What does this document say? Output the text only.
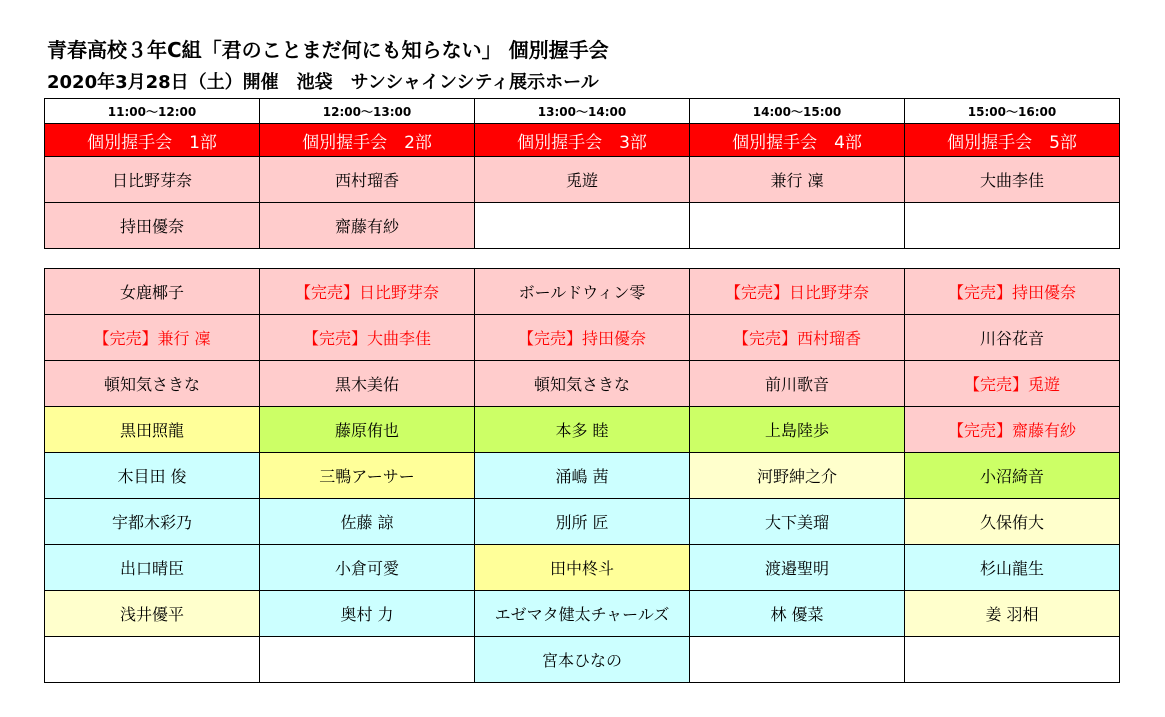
青春高校３年C組「君のことまだ何にも知らない」 個別握手会
2020年3月28日（土）開催　池袋　サンシャインシティ展示ホール
11:00～12:00	12:00～13:00	13:00～14:00	14:00～15:00	15:00～16:00
個別握手会　1部	個別握手会　2部	個別握手会　3部	個別握手会　4部	個別握手会　5部
日比野芽奈	西村瑠香	兎遊	兼行 凜	大曲李佳
持田優奈	齋藤有紗			
女鹿椰子	【完売】日比野芽奈	ボールドウィン零	【完売】日比野芽奈	【完売】持田優奈
【完売】兼行 凜	【完売】大曲李佳	【完売】持田優奈	【完売】西村瑠香	川谷花音
頓知気さきな	黒木美佑	頓知気さきな	前川歌音	【完売】兎遊
黒田照龍	藤原侑也	本多 睦	上島陸歩	【完売】齋藤有紗
木目田 俊	三鴨アーサー	涌嶋 茜	河野紳之介	小沼綺音
宇都木彩乃	佐藤 諒	別所 匠	大下美瑠	久保侑大
出口晴臣	小倉可愛	田中柊斗	渡邉聖明	杉山龍生
浅井優平	奥村 力	エゼマタ健太チャールズ	林 優菜	姜 羽相
		宮本ひなの		
